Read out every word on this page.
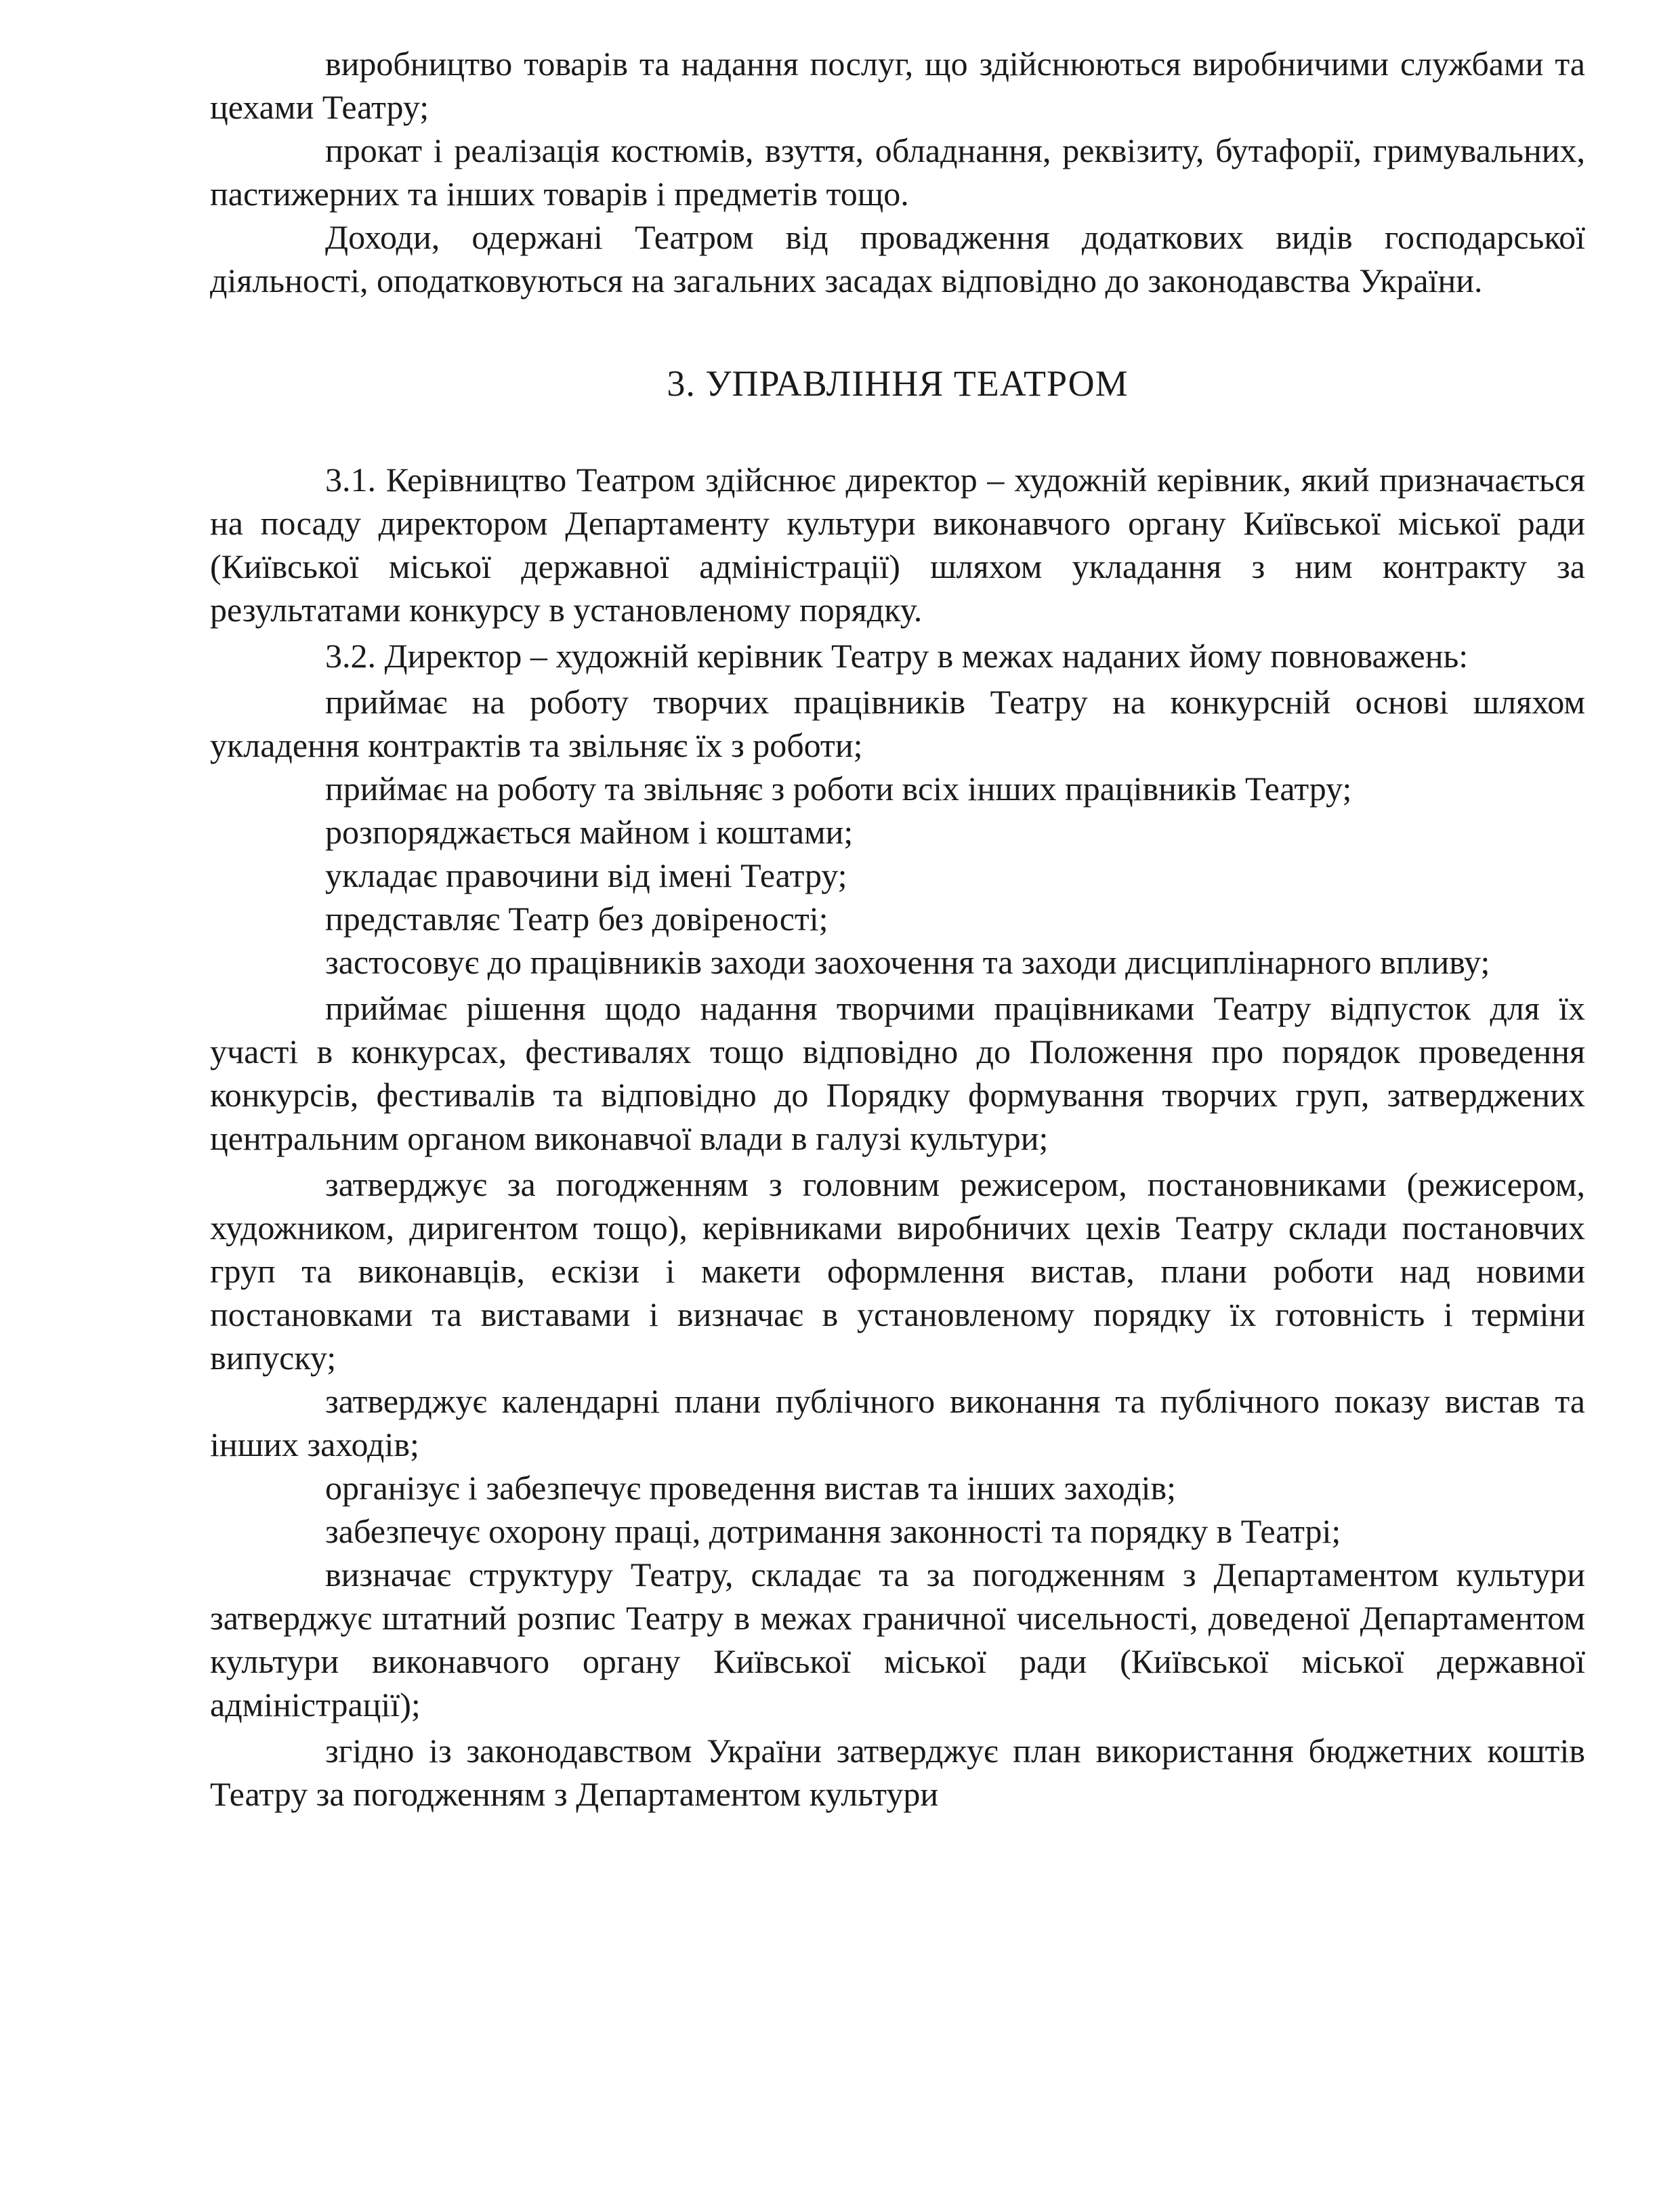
виробництво товарів та надання послуг, що здійснюються виробничими службами та цехами Театру;

прокат і реалізація костюмів, взуття, обладнання, реквізиту, бутафорії, гримувальних, пастижерних та інших товарів і предметів тощо.

Доходи, одержані Театром від провадження додаткових видів господарської діяльності, оподатковуються на загальних засадах відповідно до законодавства України.

3. УПРАВЛІННЯ ТЕАТРОМ

3.1. Керівництво Театром здійснює директор – художній керівник, який призначається на посаду директором Департаменту культури виконавчого органу Київської міської ради (Київської міської державної адміністрації) шляхом укладання з ним контракту за результатами конкурсу в установленому порядку.

3.2. Директор – художній керівник Театру в межах наданих йому повноважень:

приймає на роботу творчих працівників Театру на конкурсній основі шляхом укладення контрактів та звільняє їх з роботи;

приймає на роботу та звільняє з роботи всіх інших працівників Театру;

розпоряджається майном і коштами;

укладає правочини від імені Театру;

представляє Театр без довіреності;

застосовує до працівників заходи заохочення та заходи дисциплінарного впливу;

приймає рішення щодо надання творчими працівниками Театру відпусток для їх участі в конкурсах, фестивалях тощо відповідно до Положення про порядок проведення конкурсів, фестивалів та відповідно до Порядку формування творчих груп, затверджених центральним органом виконавчої влади в галузі культури;

затверджує за погодженням з головним режисером, постановниками (режисером, художником, диригентом тощо), керівниками виробничих цехів Театру склади постановчих груп та виконавців, ескізи і макети оформлення вистав, плани роботи над новими постановками та виставами і визначає в установленому порядку їх готовність і терміни випуску;

затверджує календарні плани публічного виконання та публічного показу вистав та інших заходів;

організує і забезпечує проведення вистав та інших заходів;

забезпечує охорону праці, дотримання законності та порядку в Театрі;

визначає структуру Театру, складає та за погодженням з Департаментом культури затверджує штатний розпис Театру в межах граничної чисельності, доведеної Департаментом культури виконавчого органу Київської міської ради (Київської міської державної адміністрації);

згідно із законодавством України затверджує план використання бюджетних коштів Театру за погодженням з Департаментом культури
